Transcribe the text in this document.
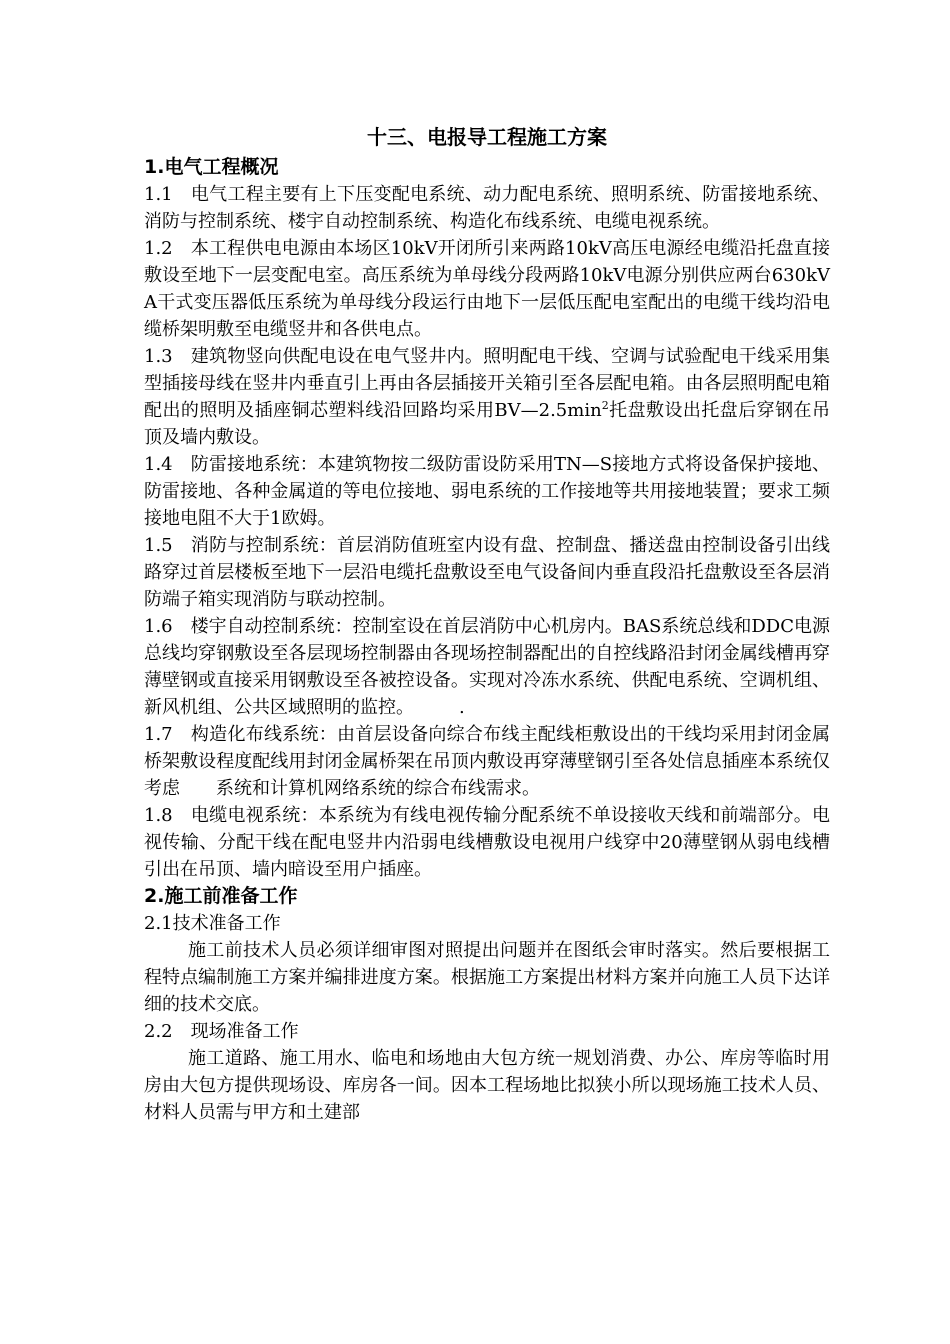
十三、电报导工程施工方案
1.电气工程概况

1.1 电气工程主要有上下压变配电系统、动力配电系统、照明系统、防雷接地系统、消防与控制系统、楼宇自动控制系统、构造化布线系统、电缆电视系统。

1.2 本工程供电电源由本场区10kV开闭所引来两路10kV高压电源经电缆沿托盘直接敷设至地下一层变配电室。高压系统为单母线分段两路10kV电源分别供应两台630kVA干式变压器低压系统为单母线分段运行由地下一层低压配电室配出的电缆干线均沿电缆桥架明敷至电缆竖井和各供电点。

1.3 建筑物竖向供配电设在电气竖井内。照明配电干线、空调与试验配电干线采用集型插接母线在竖井内垂直引上再由各层插接开关箱引至各层配电箱。由各层照明配电箱配出的照明及插座铜芯塑料线沿回路均采用$BV—2.5\min^2$托盘敷设出托盘后穿钢在吊顶及墙内敷设。

1.4 防雷接地系统：本建筑物按二级防雷设防采用TN—S接地方式将设备保护接地、防雷接地、各种金属道的等电位接地、弱电系统的工作接地等共用接地装置；要求工频接地电阻不大于1欧姆。

1.5 消防与控制系统：首层消防值班室内设有盘、控制盘、播送盘由控制设备引出线路穿过首层楼板至地下一层沿电缆托盘敷设至电气设备间内垂直段沿托盘敷设至各层消防端子箱实现消防与联动控制。

1.6 楼宇自动控制系统：控制室设在首层消防中心机房内。BAS系统总线和DDC电源总线均穿钢敷设至各层现场控制器由各现场控制器配出的自控线路沿封闭金属线槽再穿薄壁钢或直接采用钢敷设至各被控设备。实现对冷冻水系统、供配电系统、空调机组、新风机组、公共区域照明的监控。　　　.

1.7 构造化布线系统：由首层设备向综合布线主配线柜敷设出的干线均采用封闭金属桥架敷设程度配线用封闭金属桥架在吊顶内敷设再穿薄壁钢引至各处信息插座本系统仅考虑　　系统和计算机网络系统的综合布线需求。

1.8 电缆电视系统：本系统为有线电视传输分配系统不单设接收天线和前端部分。电视传输、分配干线在配电竖井内沿弱电线槽敷设电视用户线穿中20薄壁钢从弱电线槽引出在吊顶、墙内暗设至用户插座。

2.施工前准备工作

2.1技术准备工作

施工前技术人员必须详细审图对照提出问题并在图纸会审时落实。然后要根据工程特点编制施工方案并编排进度方案。根据施工方案提出材料方案并向施工人员下达详细的技术交底。

2.2　现场准备工作

施工道路、施工用水、临电和场地由大包方统一规划消费、办公、库房等临时用房由大包方提供现场设、库房各一间。因本工程场地比拟狭小所以现场施工技术人员、材料人员需与甲方和土建部
